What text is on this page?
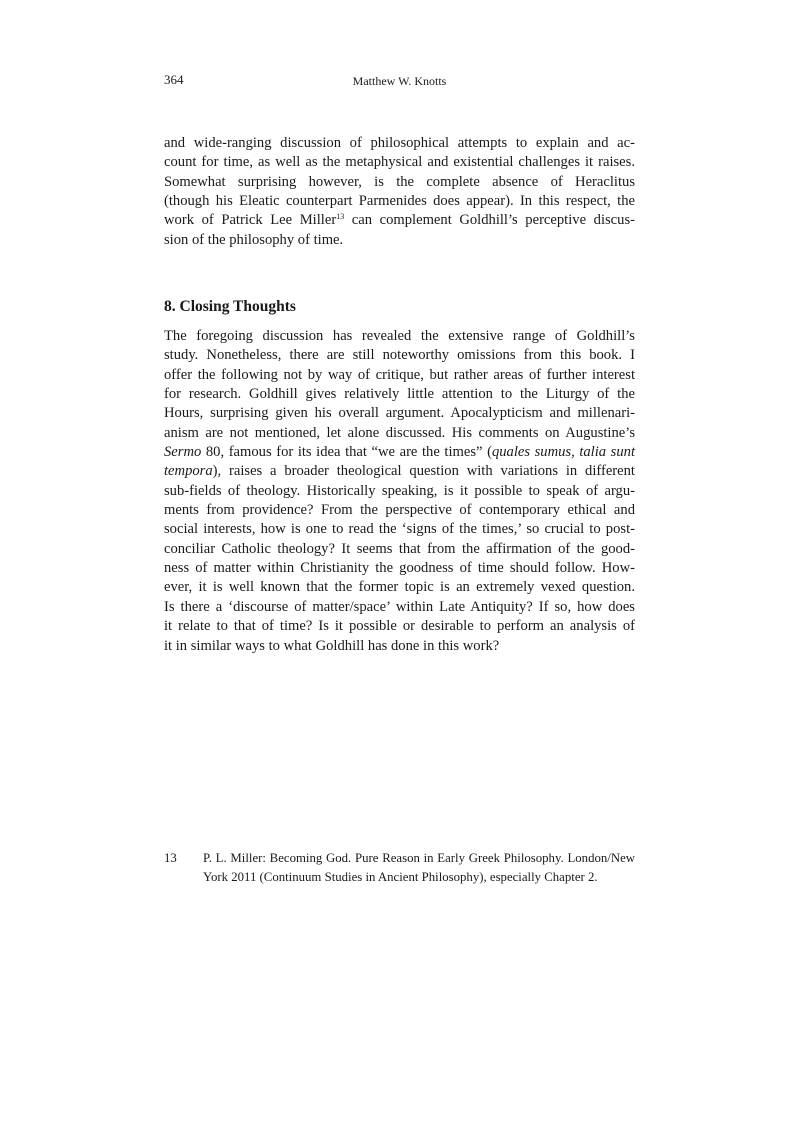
364	Matthew W. Knotts
and wide-ranging discussion of philosophical attempts to explain and ac-
count for time, as well as the metaphysical and existential challenges it raises.
Somewhat surprising however, is the complete absence of Heraclitus
(though his Eleatic counterpart Parmenides does appear). In this respect, the
work of Patrick Lee Miller$^{13}$ can complement Goldhill’s perceptive discus-
sion of the philosophy of time.
8. Closing Thoughts
The foregoing discussion has revealed the extensive range of Goldhill’s
study. Nonetheless, there are still noteworthy omissions from this book. I
offer the following not by way of critique, but rather areas of further interest
for research. Goldhill gives relatively little attention to the Liturgy of the
Hours, surprising given his overall argument. Apocalypticism and millenari-
anism are not mentioned, let alone discussed. His comments on Augustine’s
Sermo 80, famous for its idea that “we are the times” (quales sumus, talia sunt
tempora), raises a broader theological question with variations in different
sub-fields of theology. Historically speaking, is it possible to speak of argu-
ments from providence? From the perspective of contemporary ethical and
social interests, how is one to read the ‘signs of the times,’ so crucial to post-
conciliar Catholic theology? It seems that from the affirmation of the good-
ness of matter within Christianity the goodness of time should follow. How-
ever, it is well known that the former topic is an extremely vexed question.
Is there a ‘discourse of matter/space’ within Late Antiquity? If so, how does
it relate to that of time? Is it possible or desirable to perform an analysis of
it in similar ways to what Goldhill has done in this work?
13 P. L. Miller: Becoming God. Pure Reason in Early Greek Philosophy. London/New
York 2011 (Continuum Studies in Ancient Philosophy), especially Chapter 2.
